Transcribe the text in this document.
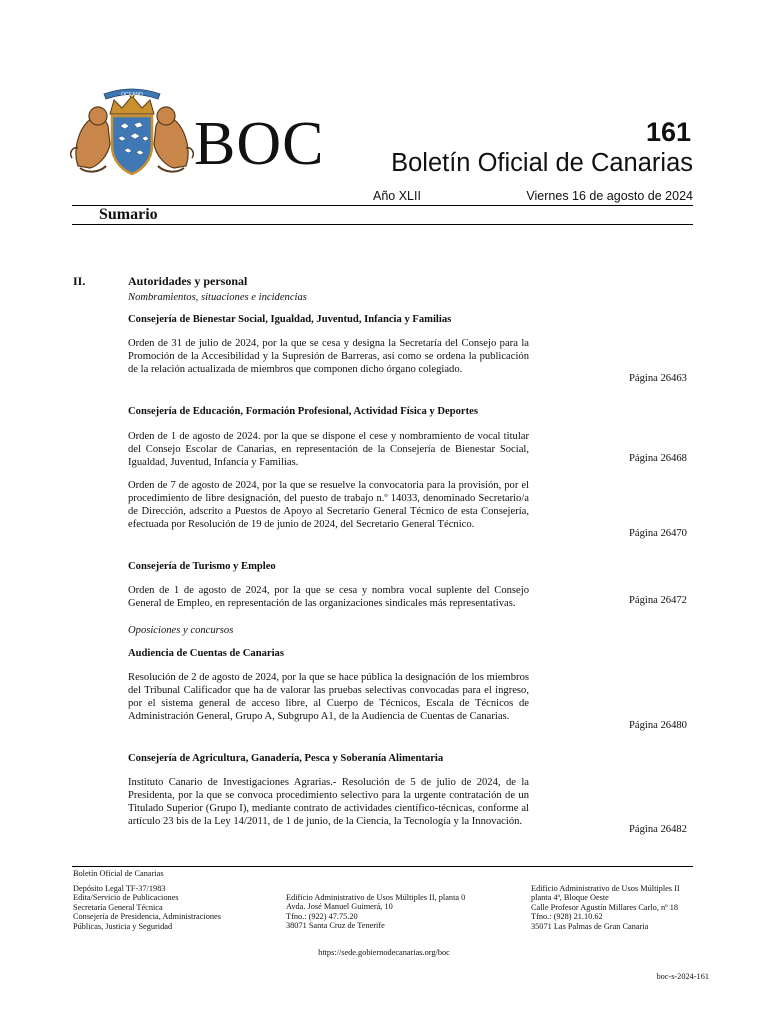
OCEANO
BOC	161
Boletín Oficial de Canarias
Año XLII	Viernes 16 de agosto de 2024
Sumario
II.	Autoridades y personal
Nombramientos, situaciones e incidencias
Consejería de Bienestar Social, Igualdad, Juventud, Infancia y Familias
Orden de 31 de julio de 2024, por la que se cesa y designa la Secretaría del Consejo para la Promoción de la Accesibilidad y la Supresión de Barreras, así como se ordena la publicación de la relación actualizada de miembros que componen dicho órgano colegiado.
Página 26463
Consejería de Educación, Formación Profesional, Actividad Física y Deportes
Orden de 1 de agosto de 2024. por la que se dispone el cese y nombramiento de vocal titular del Consejo Escolar de Canarias, en representación de la Consejería de Bienestar Social, Igualdad, Juventud, Infancia y Familias.	Página 26468
Orden de 7 de agosto de 2024, por la que se resuelve la convocatoria para la provisión, por el procedimiento de libre designación, del puesto de trabajo n.º 14033, denominado Secretario/a de Dirección, adscrito a Puestos de Apoyo al Secretario General Técnico de esta Consejería, efectuada por Resolución de 19 de junio de 2024, del Secretario General Técnico.
Página 26470
Consejería de Turismo y Empleo
Orden de 1 de agosto de 2024, por la que se cesa y nombra vocal suplente del Consejo General de Empleo, en representación de las organizaciones sindicales más representativas.	Página 26472
Oposiciones y concursos
Audiencia de Cuentas de Canarias
Resolución de 2 de agosto de 2024, por la que se hace pública la designación de los miembros del Tribunal Calificador que ha de valorar las pruebas selectivas convocadas para el ingreso, por el sistema general de acceso libre, al Cuerpo de Técnicos, Escala de Técnicos de Administración General, Grupo A, Subgrupo A1, de la Audiencia de Cuentas de Canarias.
Página 26480
Consejería de Agricultura, Ganadería, Pesca y Soberanía Alimentaria
Instituto Canario de Investigaciones Agrarias.- Resolución de 5 de julio de 2024, de la Presidenta, por la que se convoca procedimiento selectivo para la urgente contratación de un Titulado Superior (Grupo I), mediante contrato de actividades científico-técnicas, conforme al artículo 23 bis de la Ley 14/2011, de 1 de junio, de la Ciencia, la Tecnología y la Innovación.
Página 26482
Boletín Oficial de Canarias
Depósito Legal TF-37/1983
Edita/Servicio de Publicaciones
Secretaría General Técnica
Consejería de Presidencia, Administraciones
Públicas, Justicia y Seguridad
Edificio Administrativo de Usos Múltiples II, planta 0
Avda. José Manuel Guimerá, 10
Tfno.: (922) 47.75.20
38071 Santa Cruz de Tenerife
Edificio Administrativo de Usos Múltiples II
planta 4ª, Bloque Oeste
Calle Profesor Agustín Millares Carlo, nº 18
Tfno.: (928) 21.10.62
35071 Las Palmas de Gran Canaria
https://sede.gobiernodecanarias.org/boc
boc-s-2024-161
